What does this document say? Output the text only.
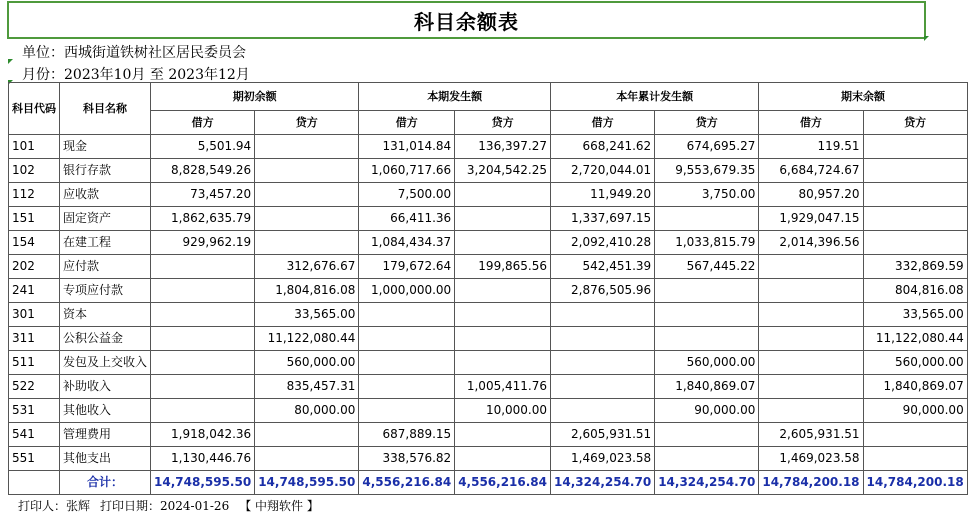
科目余额表
单位：西城街道铁树社区居民委员会
月份：2023年10月 至 2023年12月
科目代码	科目名称	期初余额		本期发生额		本年累计发生额		期末余额	
		借方	贷方	借方	贷方	借方	贷方	借方	贷方
101	现金	5,501.94		131,014.84	136,397.27	668,241.62	674,695.27	119.51	
102	银行存款	8,828,549.26		1,060,717.66	3,204,542.25	2,720,044.01	9,553,679.35	6,684,724.67	
112	应收款	73,457.20		7,500.00		11,949.20	3,750.00	80,957.20	
151	固定资产	1,862,635.79		66,411.36		1,337,697.15		1,929,047.15	
154	在建工程	929,962.19		1,084,434.37		2,092,410.28	1,033,815.79	2,014,396.56	
202	应付款		312,676.67	179,672.64	199,865.56	542,451.39	567,445.22		332,869.59
241	专项应付款		1,804,816.08	1,000,000.00		2,876,505.96			804,816.08
301	资本		33,565.00						33,565.00
311	公积公益金		11,122,080.44						11,122,080.44
511	发包及上交收入		560,000.00				560,000.00		560,000.00
522	补助收入		835,457.31		1,005,411.76		1,840,869.07		1,840,869.07
531	其他收入		80,000.00		10,000.00		90,000.00		90,000.00
541	管理费用	1,918,042.36		687,889.15		2,605,931.51		2,605,931.51	
551	其他支出	1,130,446.76		338,576.82		1,469,023.58		1,469,023.58	
	合计：	14,748,595.50	14,748,595.50	4,556,216.84	4,556,216.84	14,324,254.70	14,324,254.70	14,784,200.18	14,784,200.18
打印人：张辉 打印日期：2024-01-26 【 中翔软件 】
